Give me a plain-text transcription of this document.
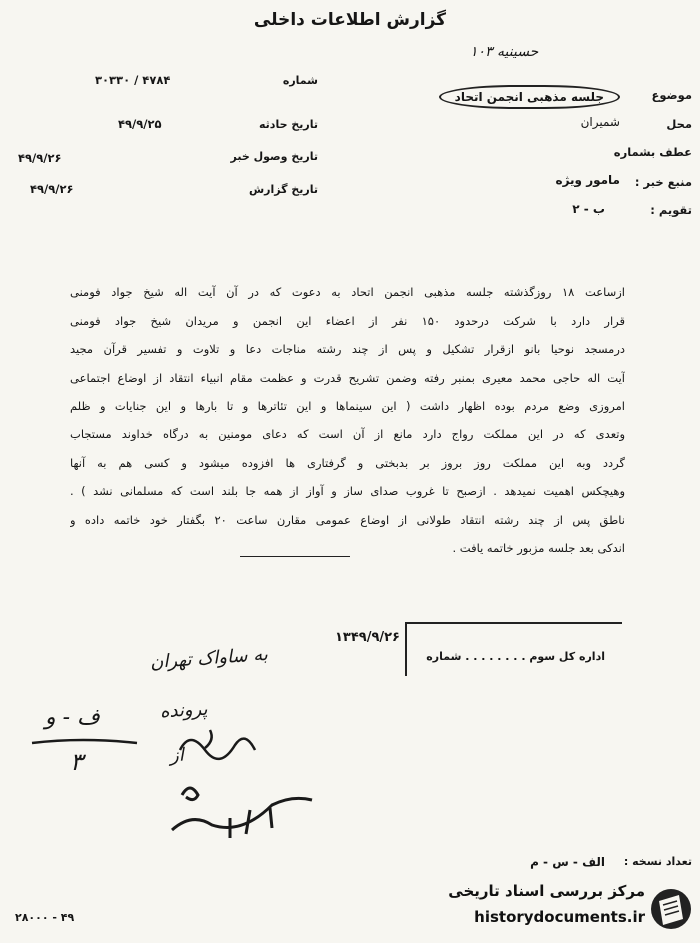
گزارش اطلاعات داخلی
حسینیه ۱۰۳
موضوع
جلسه مذهبی انجمن اتحاد
محل
شمیران
عطف بشماره
منبع خبر :
مامور ویژه
تقویم :
ب - ۲
شماره
۳۰۳۳۰ / ۴۷۸۴
تاریخ حادثه
۴۹/۹/۲۵
تاریخ وصول خبر
۴۹/۹/۲۶
تاریخ گزارش
۴۹/۹/۲۶
ازساعت ۱۸ روزگذشته جلسه مذهبی انجمن اتحاد به دعوت که در آن آیت اله شیخ جواد فومنی
قرار دارد با شرکت درحدود ۱۵۰ نفر از اعضاء این انجمن و مریدان شیخ جواد فومنی
درمسجد نوحیا بانو ازقرار تشکیل و پس از چند رشته مناجات دعا و تلاوت و تفسیر قرآن مجید
آیت اله حاجی محمد معیری بمنبر رفته وضمن تشریح قدرت و عظمت مقام انبیاء انتقاد از اوضاع اجتماعی
امروزی وضع مردم بوده اظهار داشت ( این سینماها و این تئاترها و تا بارها و این جنایات و ظلم
وتعدی که در این مملکت رواج دارد مانع از آن است که دعای مومنین به درگاه خداوند مستجاب
گردد وبه این مملکت روز بروز بر بدبختی و گرفتاری ها افزوده میشود و کسی هم به آنها
وهیچکس اهمیت نمیدهد . ازصبح تا غروب صدای ساز و آواز از همه جا بلند است که مسلمانی نشد ) .
ناطق پس از چند رشته انتقاد طولانی از اوضاع عمومی مقارن ساعت ۲۰ بگفتار خود خاتمه داده و
اندکی بعد جلسه مزبور خاتمه یافت .
۱۳۴۹/۹/۲۶
اداره کل سوم . . . . . . . . شماره
به ساواک تهران
پرونده
از
ف - و
۳
تعداد نسخه :
الف - س - م
۲۸۰۰۰ - ۴۹
مرکز بررسی اسناد تاریخی
historydocuments.ir
